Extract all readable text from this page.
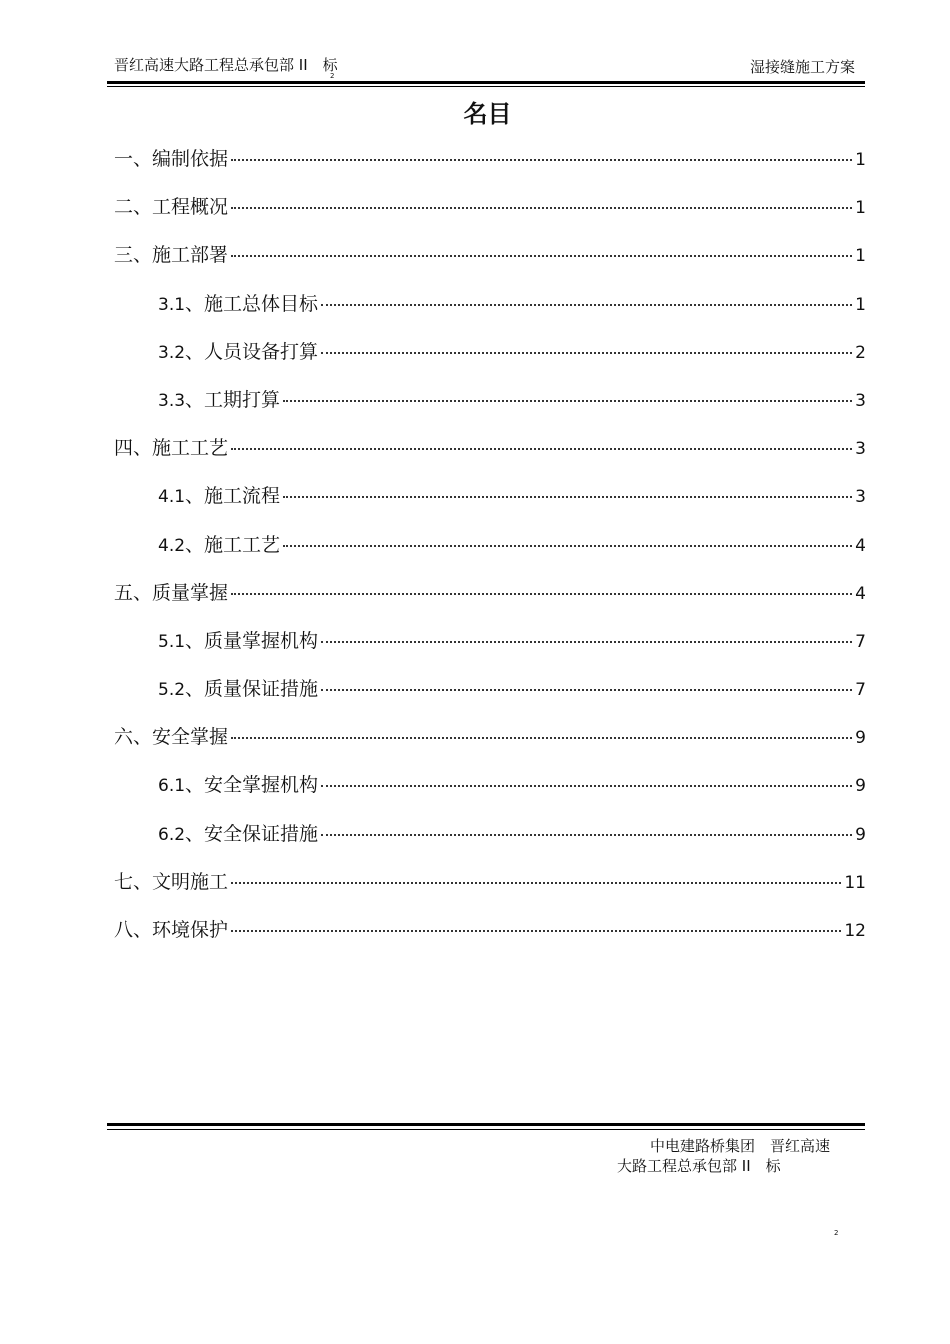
晋红高速大路工程总承包部 II　标
2	湿接缝施工方案
名目
一、编制依据	1
二、工程概况	1
三、施工部署	1
3.1 、施工总体目标	1
3.2 、人员设备打算	2
3.3 、工期打算	3
四、施工工艺	3
4.1 、施工流程	3
4.2 、施工工艺	4
五、质量掌握	4
5.1 、质量掌握机构	7
5.2 、质量保证措施	7
六、安全掌握	9
6.1 、安全掌握机构	9
6.2 、安全保证措施	9
七、文明施工	11
八、环境保护	12
中电建路桥集团　晋红高速
大路工程总承包部 II　标
2
